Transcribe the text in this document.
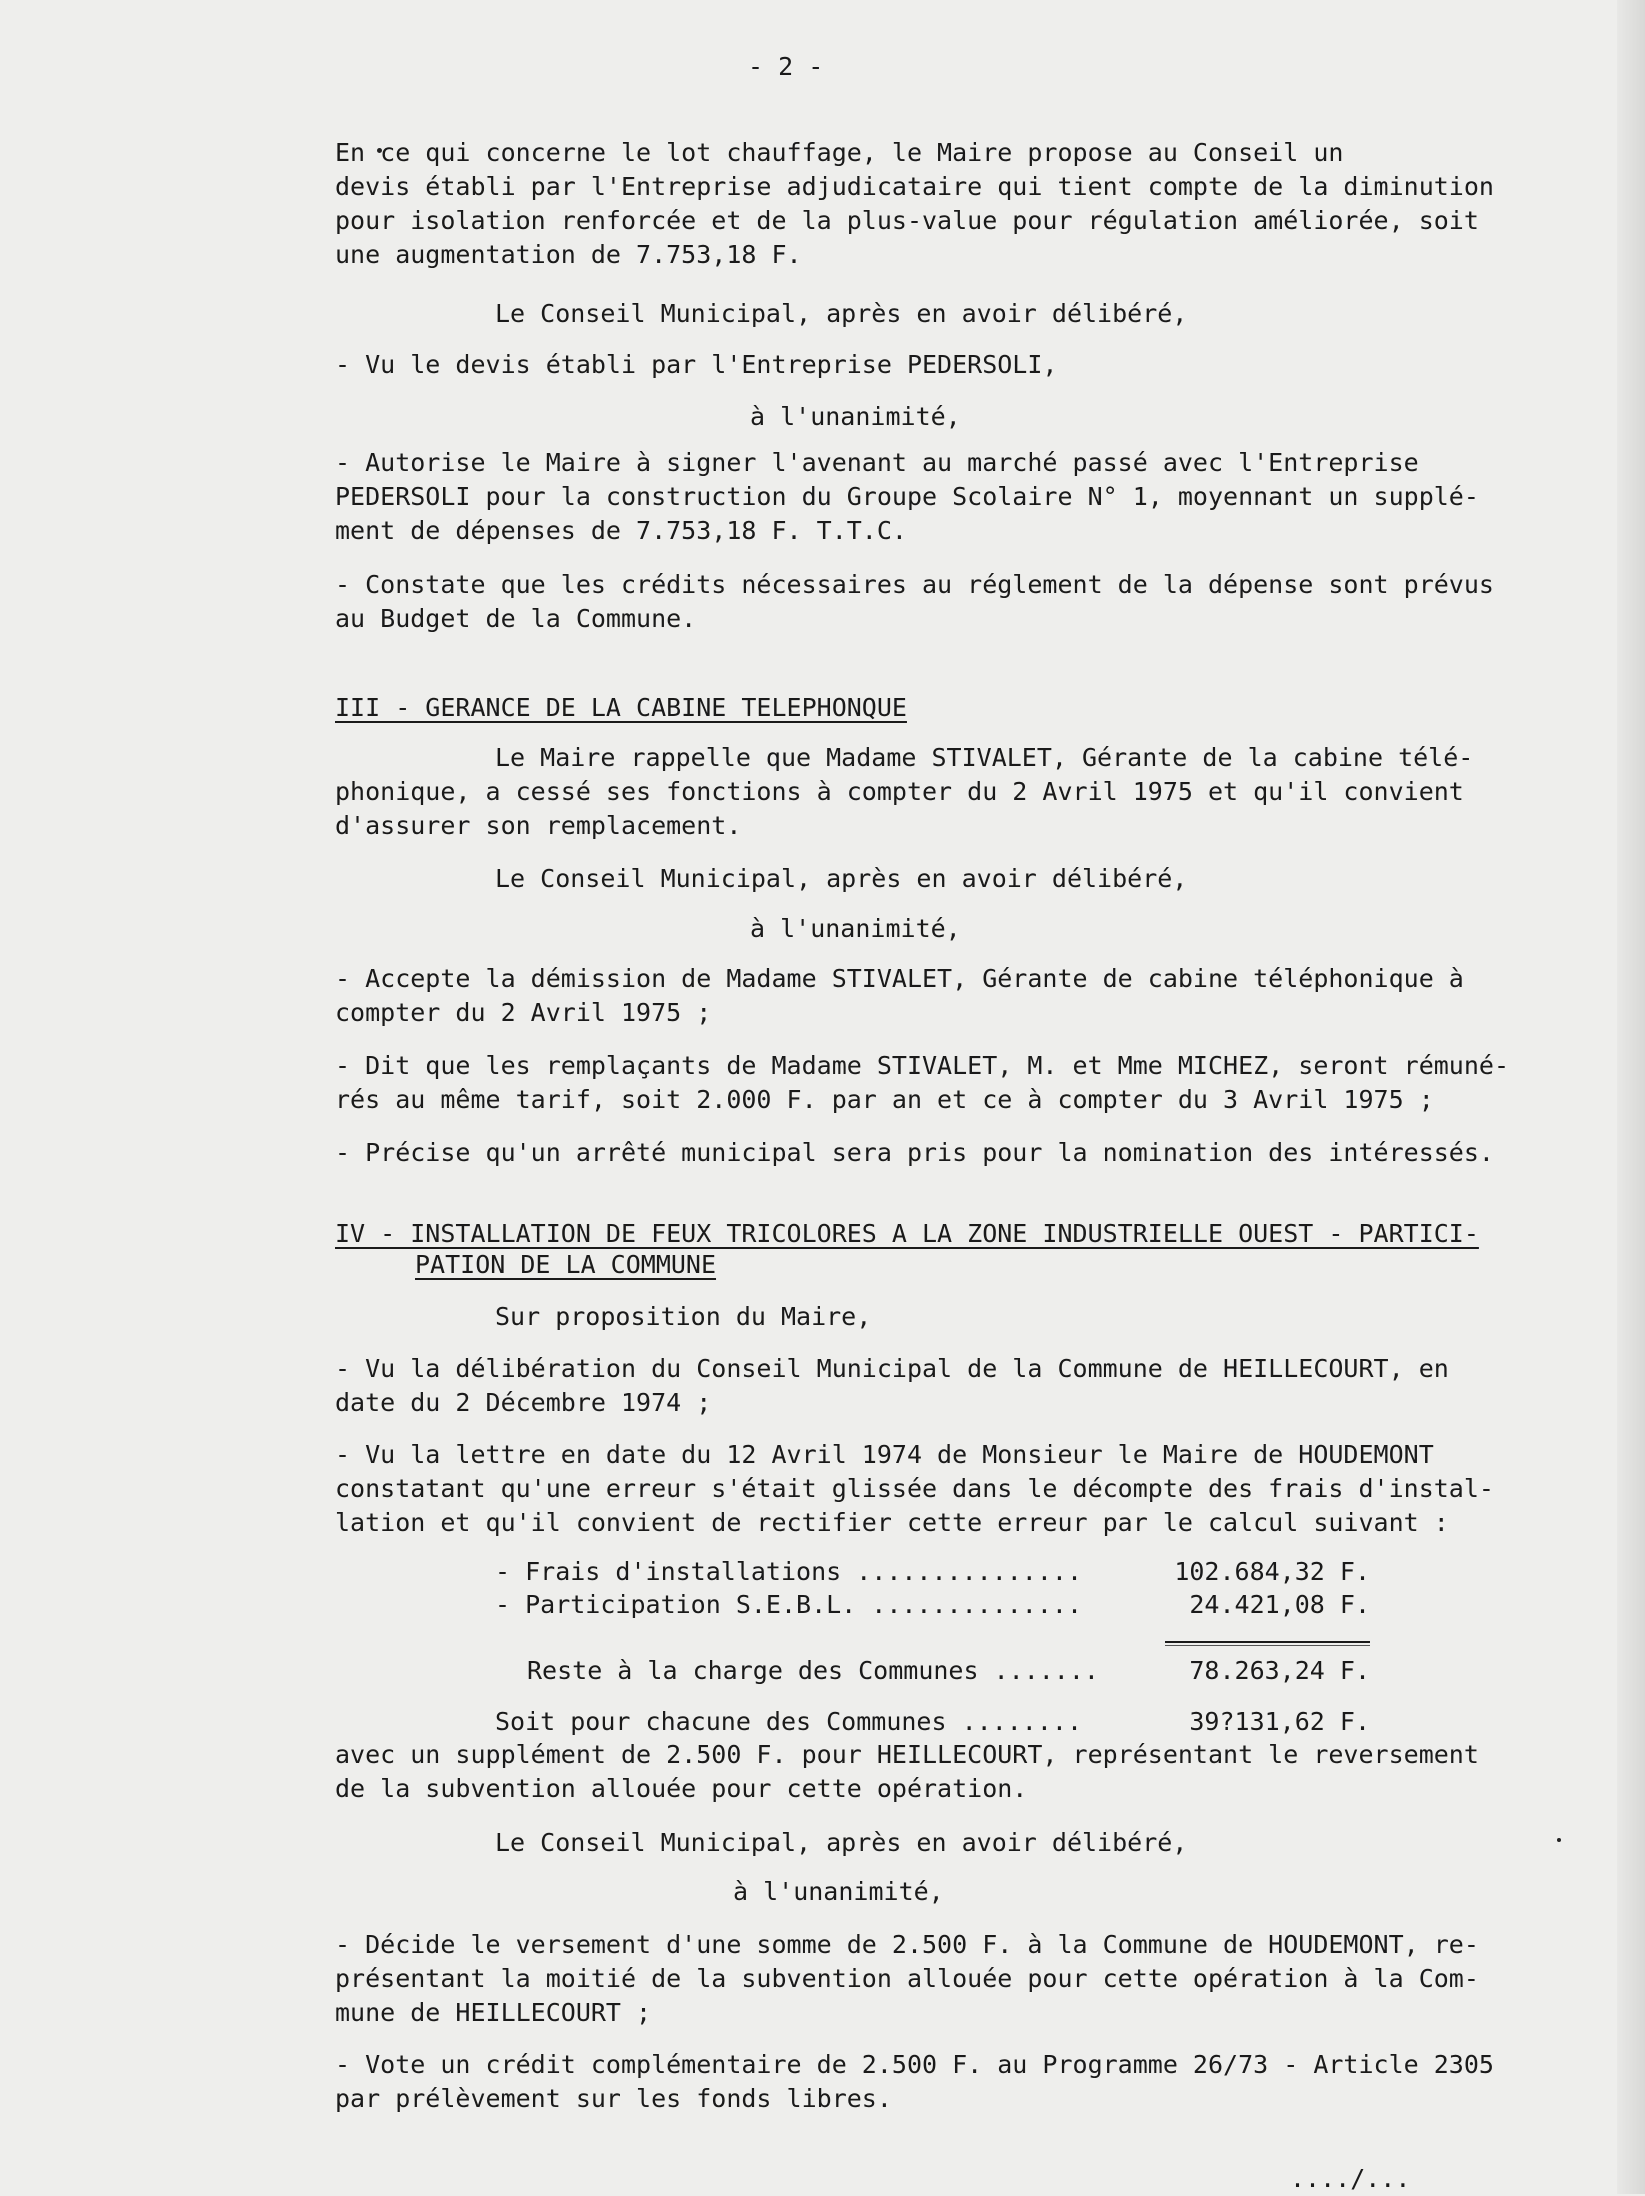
- 2 -
En ce qui concerne le lot chauffage, le Maire propose au Conseil un
devis établi par l'Entreprise adjudicataire qui tient compte de la diminution
pour isolation renforcée et de la plus-value pour régulation améliorée, soit
une augmentation de 7.753,18 F.
Le Conseil Municipal, après en avoir délibéré,
- Vu le devis établi par l'Entreprise PEDERSOLI,
à l'unanimité,
- Autorise le Maire à signer l'avenant au marché passé avec l'Entreprise
PEDERSOLI pour la construction du Groupe Scolaire N° 1, moyennant un supplé-
ment de dépenses de 7.753,18 F. T.T.C.
- Constate que les crédits nécessaires au réglement de la dépense sont prévus
au Budget de la Commune.
III - GERANCE DE LA CABINE TELEPHONQUE
Le Maire rappelle que Madame STIVALET, Gérante de la cabine télé-
phonique, a cessé ses fonctions à compter du 2 Avril 1975 et qu'il convient
d'assurer son remplacement.
Le Conseil Municipal, après en avoir délibéré,
à l'unanimité,
- Accepte la démission de Madame STIVALET, Gérante de cabine téléphonique à
compter du 2 Avril 1975 ;
- Dit que les remplaçants de Madame STIVALET, M. et Mme MICHEZ, seront rémuné-
rés au même tarif, soit 2.000 F. par an et ce à compter du 3 Avril 1975 ;
- Précise qu'un arrêté municipal sera pris pour la nomination des intéressés.
IV - INSTALLATION DE FEUX TRICOLORES A LA ZONE INDUSTRIELLE OUEST - PARTICI-
PATION DE LA COMMUNE
Sur proposition du Maire,
- Vu la délibération du Conseil Municipal de la Commune de HEILLECOURT, en
date du 2 Décembre 1974 ;
- Vu la lettre en date du 12 Avril 1974 de Monsieur le Maire de HOUDEMONT
constatant qu'une erreur s'était glissée dans le décompte des frais d'instal-
lation et qu'il convient de rectifier cette erreur par le calcul suivant :
- Frais d'installations ...............	102.684,32 F.
- Participation S.E.B.L. ..............	24.421,08 F.
Reste à la charge des Communes .......	78.263,24 F.
Soit pour chacune des Communes ........	39?131,62 F.
avec un supplément de 2.500 F. pour HEILLECOURT, représentant le reversement
de la subvention allouée pour cette opération.
Le Conseil Municipal, après en avoir délibéré,
à l'unanimité,
- Décide le versement d'une somme de 2.500 F. à la Commune de HOUDEMONT, re-
présentant la moitié de la subvention allouée pour cette opération à la Com-
mune de HEILLECOURT ;
- Vote un crédit complémentaire de 2.500 F. au Programme 26/73 - Article 2305
par prélèvement sur les fonds libres.
..../...
